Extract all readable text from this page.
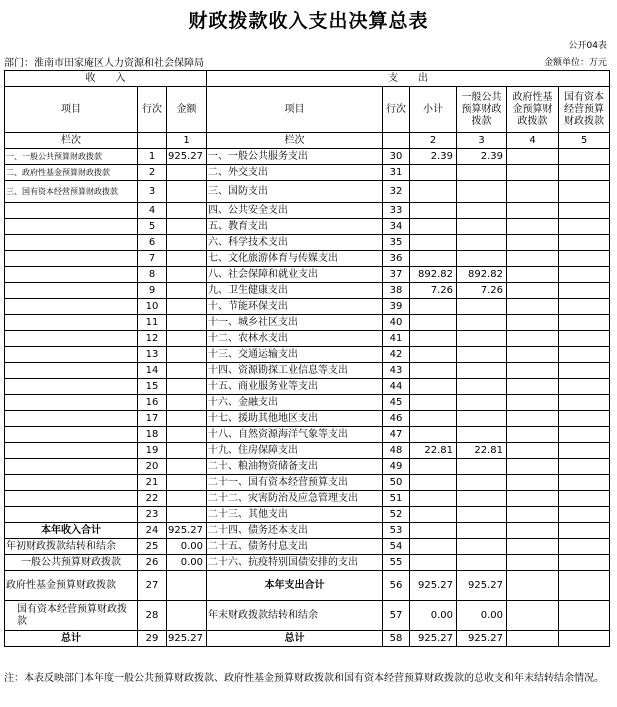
财政拨款收入支出决算总表
公开04表
部门：淮南市田家庵区人力资源和社会保障局	金额单位：万元
收　　入			支　　出					
项目	行次	金额	项目	行次	小计	一般公共预算财政拨款	政府性基金预算财政拨款	国有资本经营预算财政拨款
栏次		1	栏次		2	3	4	5
一、一般公共预算财政拨款	1	925.27	一、一般公共服务支出	30	2.39	2.39		
二、政府性基金预算财政拨款	2		二、外交支出	31				
三、国有资本经营预算财政拨款	3		三、国防支出	32				
	4		四、公共安全支出	33				
	5		五、教育支出	34				
	6		六、科学技术支出	35				
	7		七、文化旅游体育与传媒支出	36				
	8		八、社会保障和就业支出	37	892.82	892.82		
	9		九、卫生健康支出	38	7.26	7.26		
	10		十、节能环保支出	39				
	11		十一、城乡社区支出	40				
	12		十二、农林水支出	41				
	13		十三、交通运输支出	42				
	14		十四、资源勘探工业信息等支出	43				
	15		十五、商业服务业等支出	44				
	16		十六、金融支出	45				
	17		十七、援助其他地区支出	46				
	18		十八、自然资源海洋气象等支出	47				
	19		十九、住房保障支出	48	22.81	22.81		
	20		二十、粮油物资储备支出	49				
	21		二十一、国有资本经营预算支出	50				
	22		二十二、灾害防治及应急管理支出	51				
	23		二十三、其他支出	52				
本年收入合计	24	925.27	二十四、债务还本支出	53				
年初财政拨款结转和结余	25	0.00	二十五、债务付息支出	54				
一般公共预算财政拨款	26	0.00	二十六、抗疫特别国债安排的支出	55				
政府性基金预算财政拨款	27		本年支出合计	56	925.27	925.27		
国有资本经营预算财政拨款	28		年末财政拨款结转和结余	57	0.00	0.00		
总计	29	925.27	总计	58	925.27	925.27		
注：本表反映部门本年度一般公共预算财政拨款、政府性基金预算财政拨款和国有资本经营预算财政拨款的总收支和年末结转结余情况。
